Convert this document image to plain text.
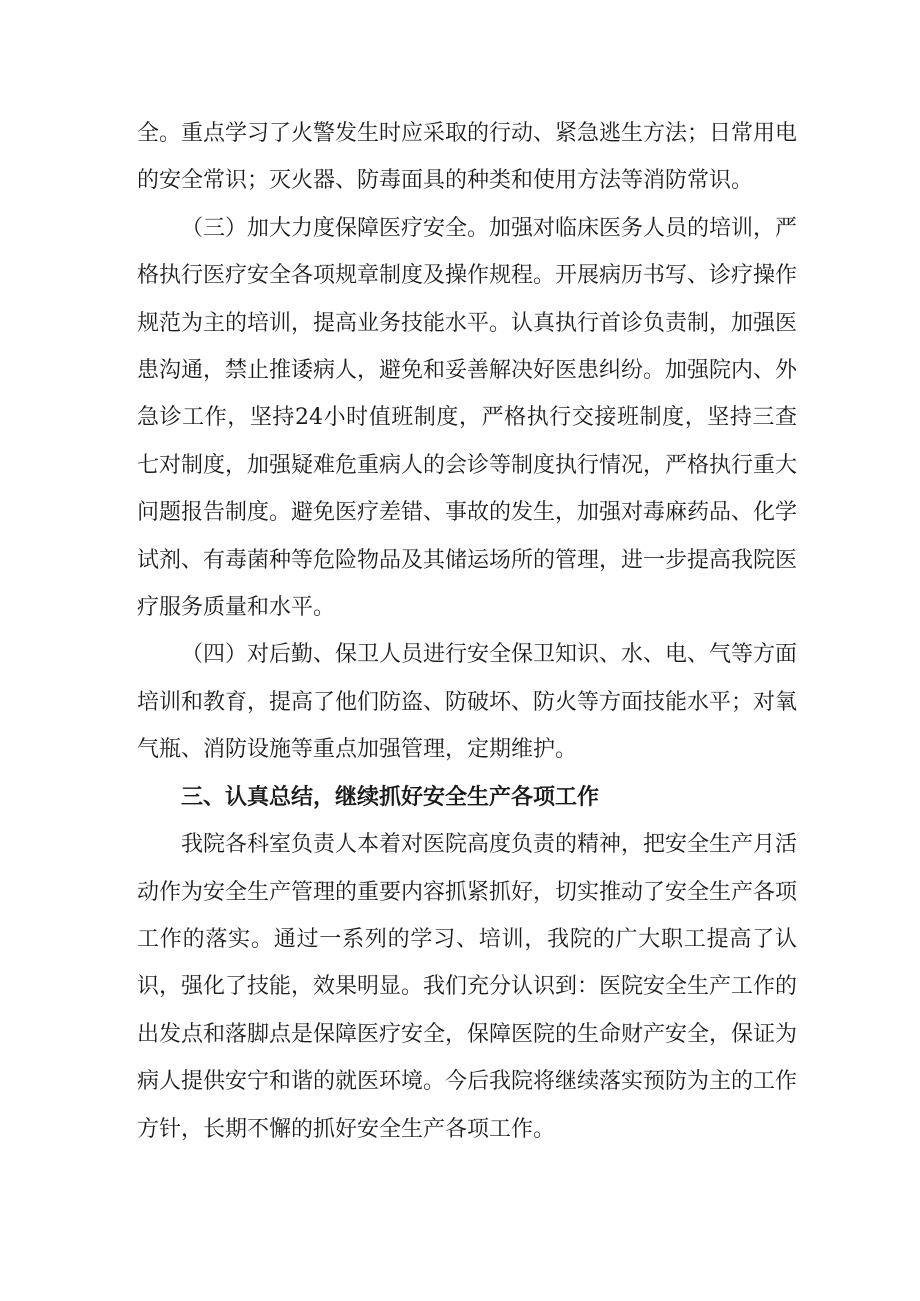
全。重点学习了火警发生时应采取的行动、紧急逃生方法；日常用电的安全常识；灭火器、防毒面具的种类和使用方法等消防常识。

（三）加大力度保障医疗安全。加强对临床医务人员的培训，严格执行医疗安全各项规章制度及操作规程。开展病历书写、诊疗操作规范为主的培训，提高业务技能水平。认真执行首诊负责制，加强医患沟通，禁止推诿病人，避免和妥善解决好医患纠纷。加强院内、外急诊工作，坚持24小时值班制度，严格执行交接班制度，坚持三查七对制度，加强疑难危重病人的会诊等制度执行情况，严格执行重大问题报告制度。避免医疗差错、事故的发生，加强对毒麻药品、化学试剂、有毒菌种等危险物品及其储运场所的管理，进一步提高我院医疗服务质量和水平。

（四）对后勤、保卫人员进行安全保卫知识、水、电、气等方面培训和教育，提高了他们防盗、防破坏、防火等方面技能水平；对氧气瓶、消防设施等重点加强管理，定期维护。

三、认真总结，继续抓好安全生产各项工作

我院各科室负责人本着对医院高度负责的精神，把安全生产月活动作为安全生产管理的重要内容抓紧抓好，切实推动了安全生产各项工作的落实。通过一系列的学习、培训，我院的广大职工提高了认识，强化了技能，效果明显。我们充分认识到：医院安全生产工作的出发点和落脚点是保障医疗安全，保障医院的生命财产安全，保证为病人提供安宁和谐的就医环境。今后我院将继续落实预防为主的工作方针，长期不懈的抓好安全生产各项工作。
